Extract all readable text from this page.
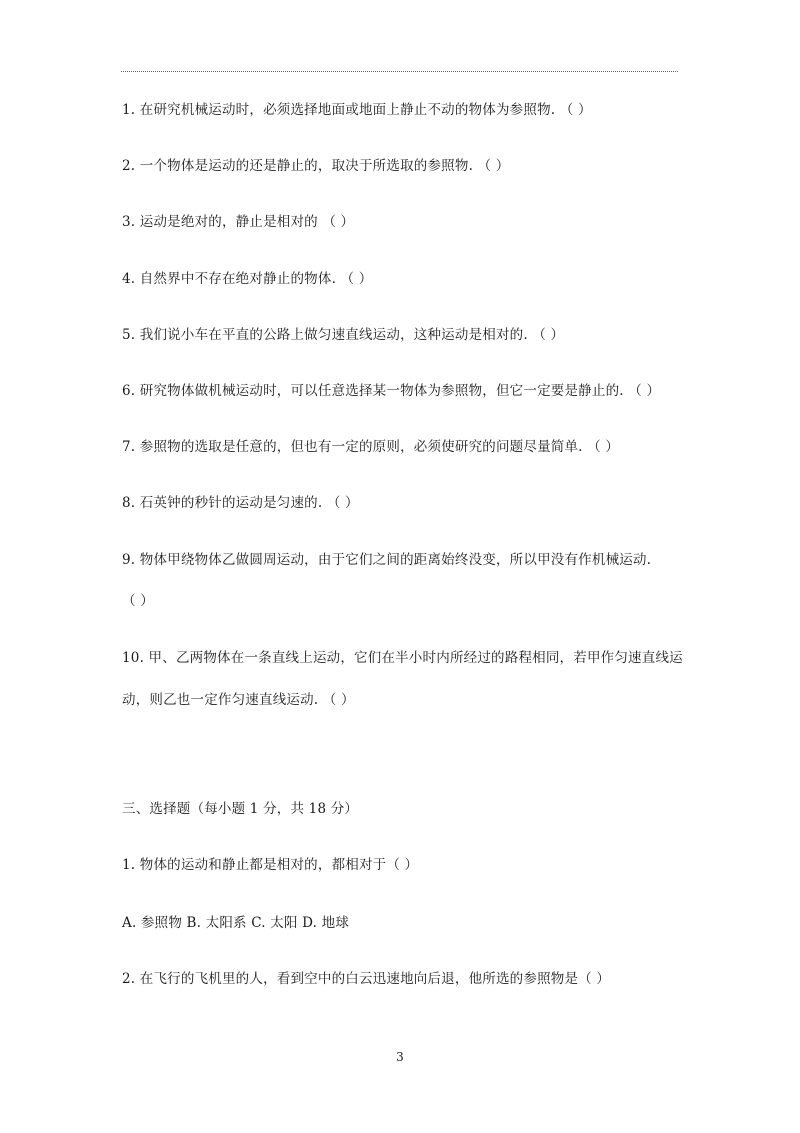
1. 在研究机械运动时，必须选择地面或地面上静止不动的物体为参照物. （ ）
2. 一个物体是运动的还是静止的，取决于所选取的参照物. （ ）
3. 运动是绝对的，静止是相对的 （ ）
4. 自然界中不存在绝对静止的物体. （ ）
5. 我们说小车在平直的公路上做匀速直线运动，这种运动是相对的. （ ）
6. 研究物体做机械运动时，可以任意选择某一物体为参照物，但它一定要是静止的. （ ）
7. 参照物的选取是任意的，但也有一定的原则，必须使研究的问题尽量简单. （ ）
8. 石英钟的秒针的运动是匀速的. （ ）
9. 物体甲绕物体乙做圆周运动，由于它们之间的距离始终没变，所以甲没有作机械运动.
（ ）
10. 甲、乙两物体在一条直线上运动，它们在半小时内所经过的路程相同，若甲作匀速直线运
动，则乙也一定作匀速直线运动. （ ）
三、选择题（每小题 1 分，共 18 分）
1. 物体的运动和静止都是相对的，都相对于（ ）
A. 参照物 B. 太阳系 C. 太阳 D. 地球
2. 在飞行的飞机里的人，看到空中的白云迅速地向后退，他所选的参照物是（ ）
3
